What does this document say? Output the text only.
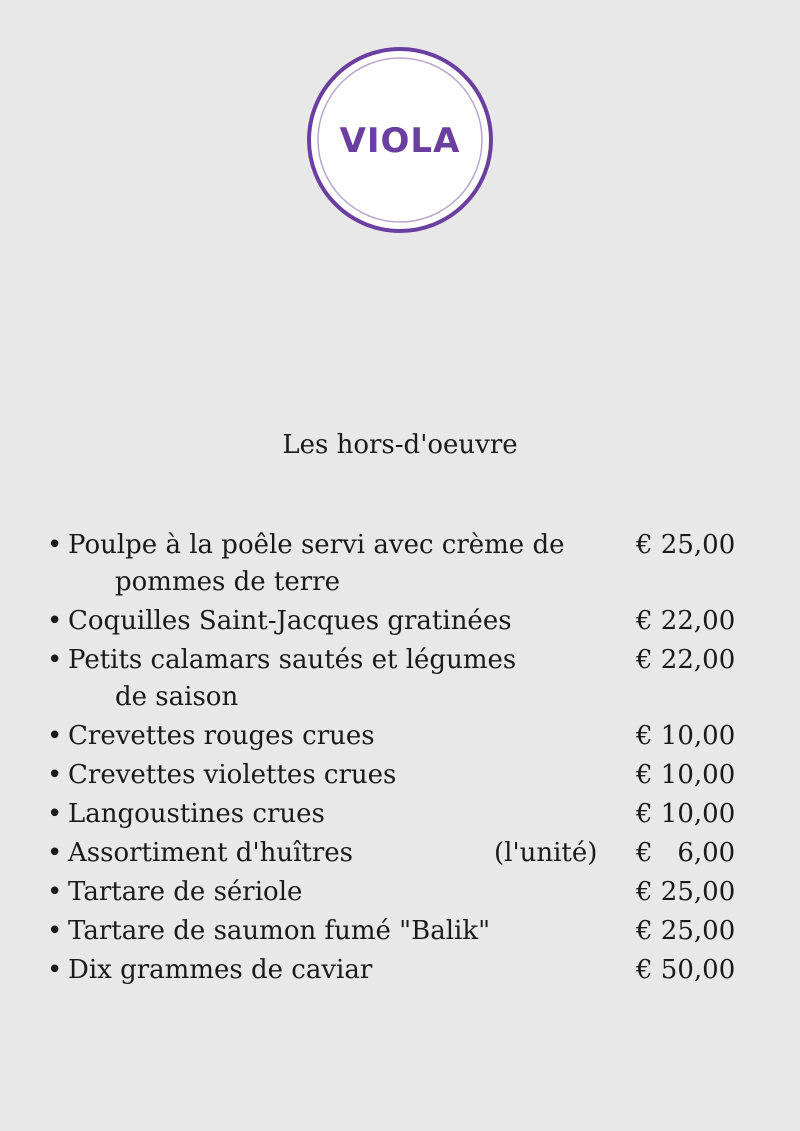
VIOLA
Les hors-d'oeuvre
• Poulpe à la poêle servi avec crème de
pommes de terre
€ 25,00
• Coquilles Saint-Jacques gratinées	€ 22,00
• Petits calamars sautés et légumes
de saison
€ 22,00
• Crevettes rouges crues	€ 10,00
• Crevettes violettes crues	€ 10,00
• Langoustines crues	€ 10,00
• Assortiment d'huîtres	(l'unité) €   6,00
• Tartare de sériole	€ 25,00
• Tartare de saumon fumé "Balik"	€ 25,00
• Dix grammes de caviar	€ 50,00
